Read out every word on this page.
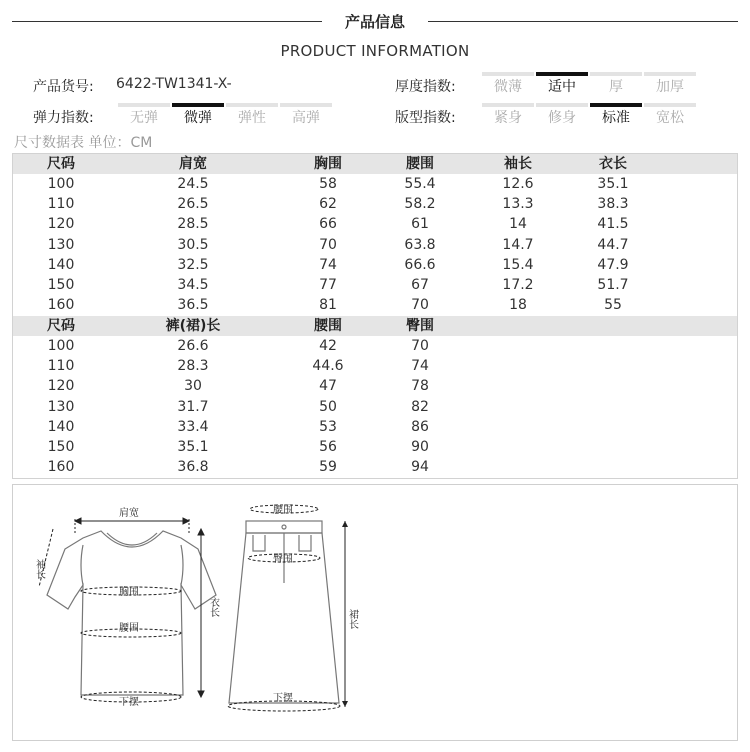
产品信息
PRODUCT INFORMATION
产品货号: 6422-TW1341-X-	厚度指数:	微薄	适中	厚	加厚
弹力指数:	无弹	微弹	弹性	高弹	版型指数:	紧身	修身	标准	宽松
尺寸数据表 单位：CM
尺码	肩宽	胸围	腰围	袖长	衣长
100	24.5	58	55.4	12.6	35.1
110	26.5	62	58.2	13.3	38.3
120	28.5	66	61	14	41.5
130	30.5	70	63.8	14.7	44.7
140	32.5	74	66.6	15.4	47.9
150	34.5	77	67	17.2	51.7
160	36.5	81	70	18	55
尺码	裤(裙)长	腰围	臀围
100	26.6	42	70
110	28.3	44.6	74
120	30	47	78
130	31.7	50	82
140	33.4	53	86
150	35.1	56	90
160	36.8	59	94
肩宽
袖长
胸围
腰围
衣长
下摆
腰围
臀围
裙长
下摆
